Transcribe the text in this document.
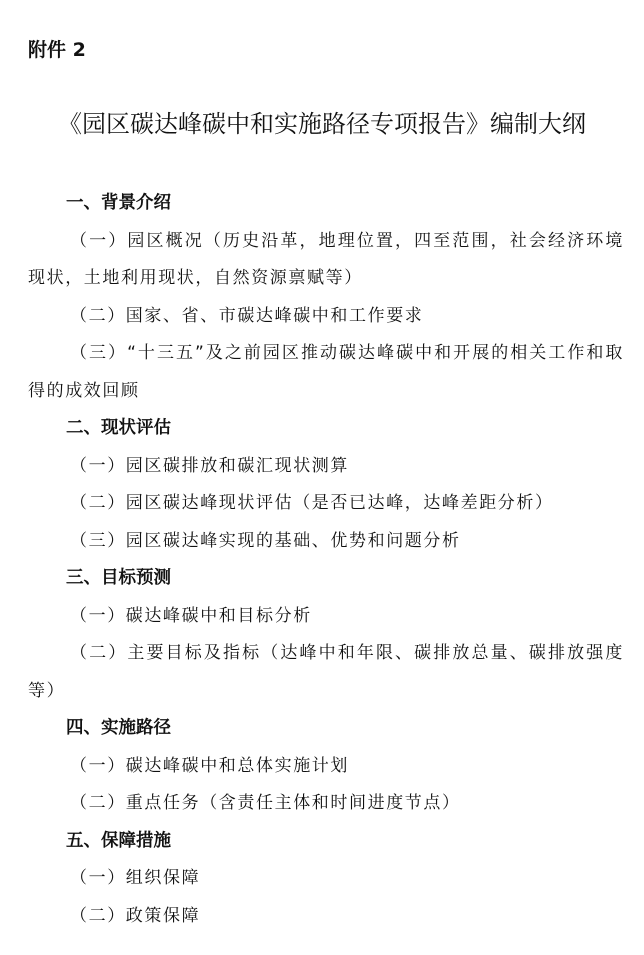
附件 2
《园区碳达峰碳中和实施路径专项报告》编制大纲
一、背景介绍
（一）园区概况（历史沿革，地理位置，四至范围，社会经济环境现状，土地利用现状，自然资源禀赋等）
（二）国家、省、市碳达峰碳中和工作要求
（三）“十三五”及之前园区推动碳达峰碳中和开展的相关工作和取得的成效回顾
二、现状评估
（一）园区碳排放和碳汇现状测算
（二）园区碳达峰现状评估（是否已达峰，达峰差距分析）
（三）园区碳达峰实现的基础、优势和问题分析
三、目标预测
（一）碳达峰碳中和目标分析
（二）主要目标及指标（达峰中和年限、碳排放总量、碳排放强度等）
四、实施路径
（一）碳达峰碳中和总体实施计划
（二）重点任务（含责任主体和时间进度节点）
五、保障措施
（一）组织保障
（二）政策保障
